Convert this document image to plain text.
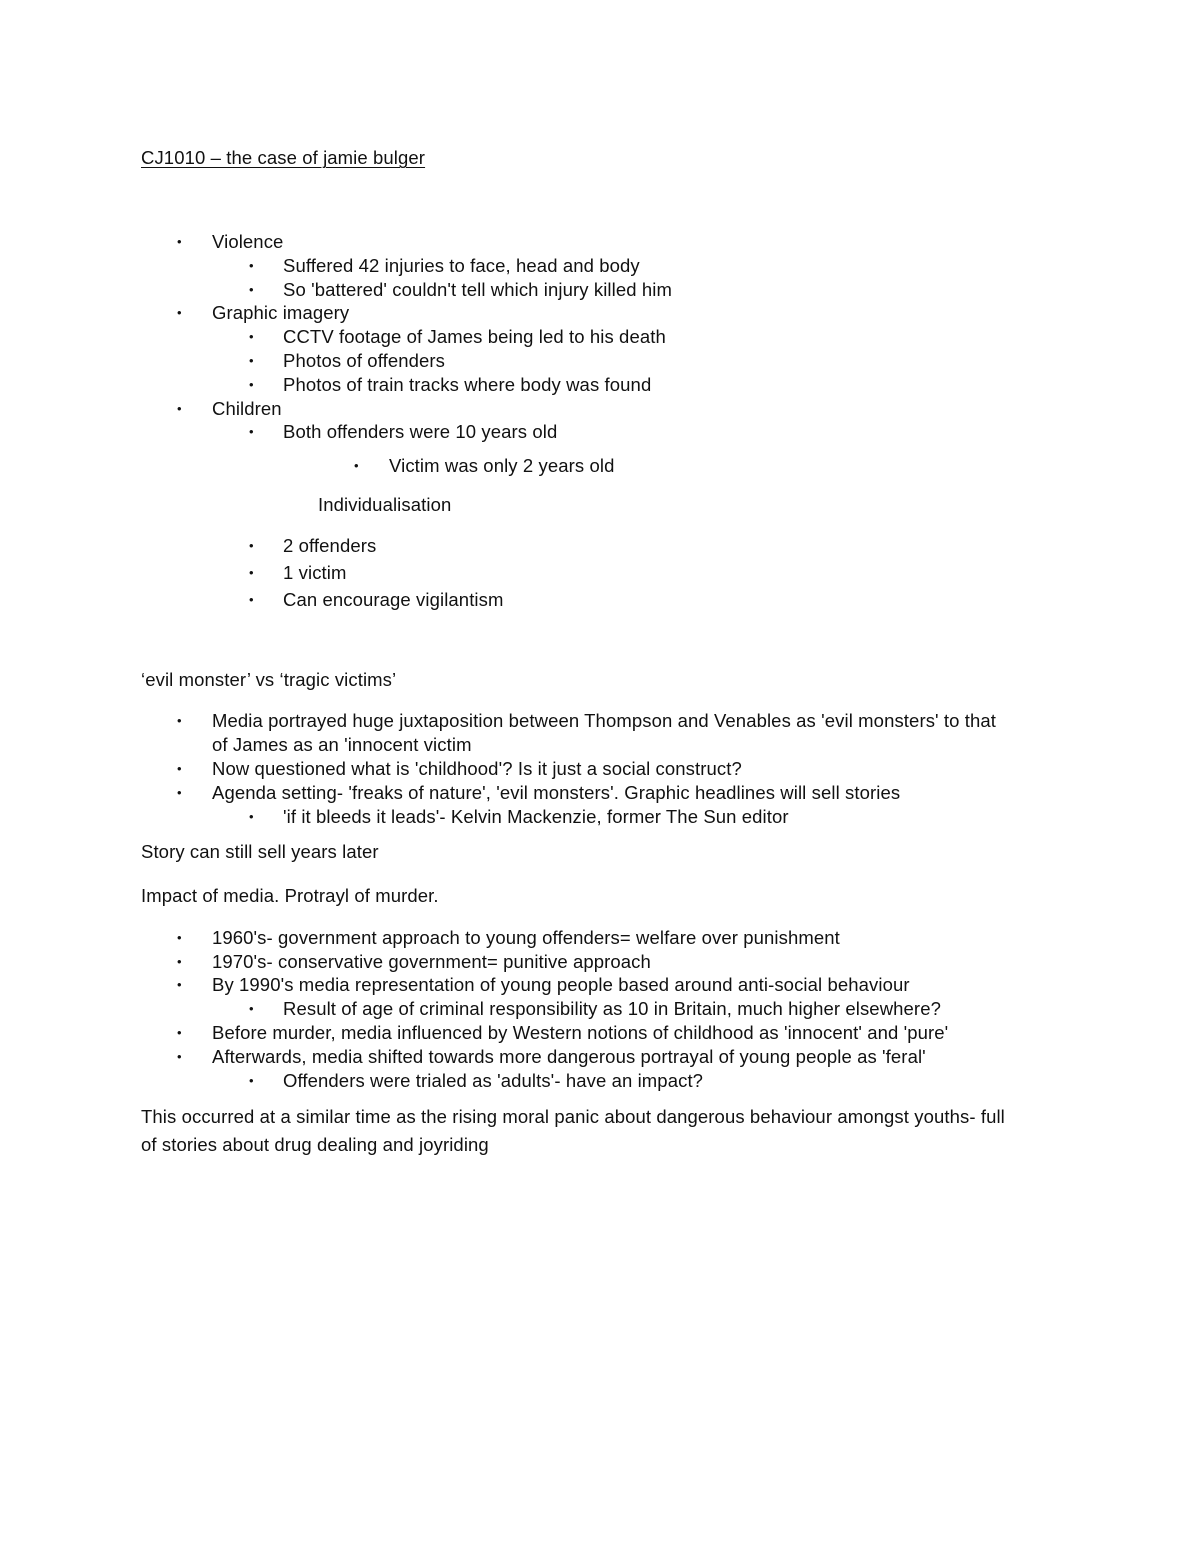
CJ1010 – the case of jamie bulger
• Violence
• Suffered 42 injuries to face, head and body
• So 'battered' couldn't tell which injury killed him
• Graphic imagery
• CCTV footage of James being led to his death
• Photos of offenders
• Photos of train tracks where body was found
• Children
• Both offenders were 10 years old
• Victim was only 2 years old
Individualisation
• 2 offenders
• 1 victim
• Can encourage vigilantism
‘evil monster’ vs ‘tragic victims’
• Media portrayed huge juxtaposition between Thompson and Venables as 'evil monsters' to that
of James as an 'innocent victim
• Now questioned what is 'childhood'? Is it just a social construct?
• Agenda setting- 'freaks of nature', 'evil monsters'. Graphic headlines will sell stories
• 'if it bleeds it leads'- Kelvin Mackenzie, former The Sun editor
Story can still sell years later
Impact of media. Protrayl of murder.
• 1960's- government approach to young offenders= welfare over punishment
• 1970's- conservative government= punitive approach
• By 1990's media representation of young people based around anti-social behaviour
• Result of age of criminal responsibility as 10 in Britain, much higher elsewhere?
• Before murder, media influenced by Western notions of childhood as 'innocent' and 'pure'
• Afterwards, media shifted towards more dangerous portrayal of young people as 'feral'
• Offenders were trialed as 'adults'- have an impact?
This occurred at a similar time as the rising moral panic about dangerous behaviour amongst youths- full
of stories about drug dealing and joyriding
